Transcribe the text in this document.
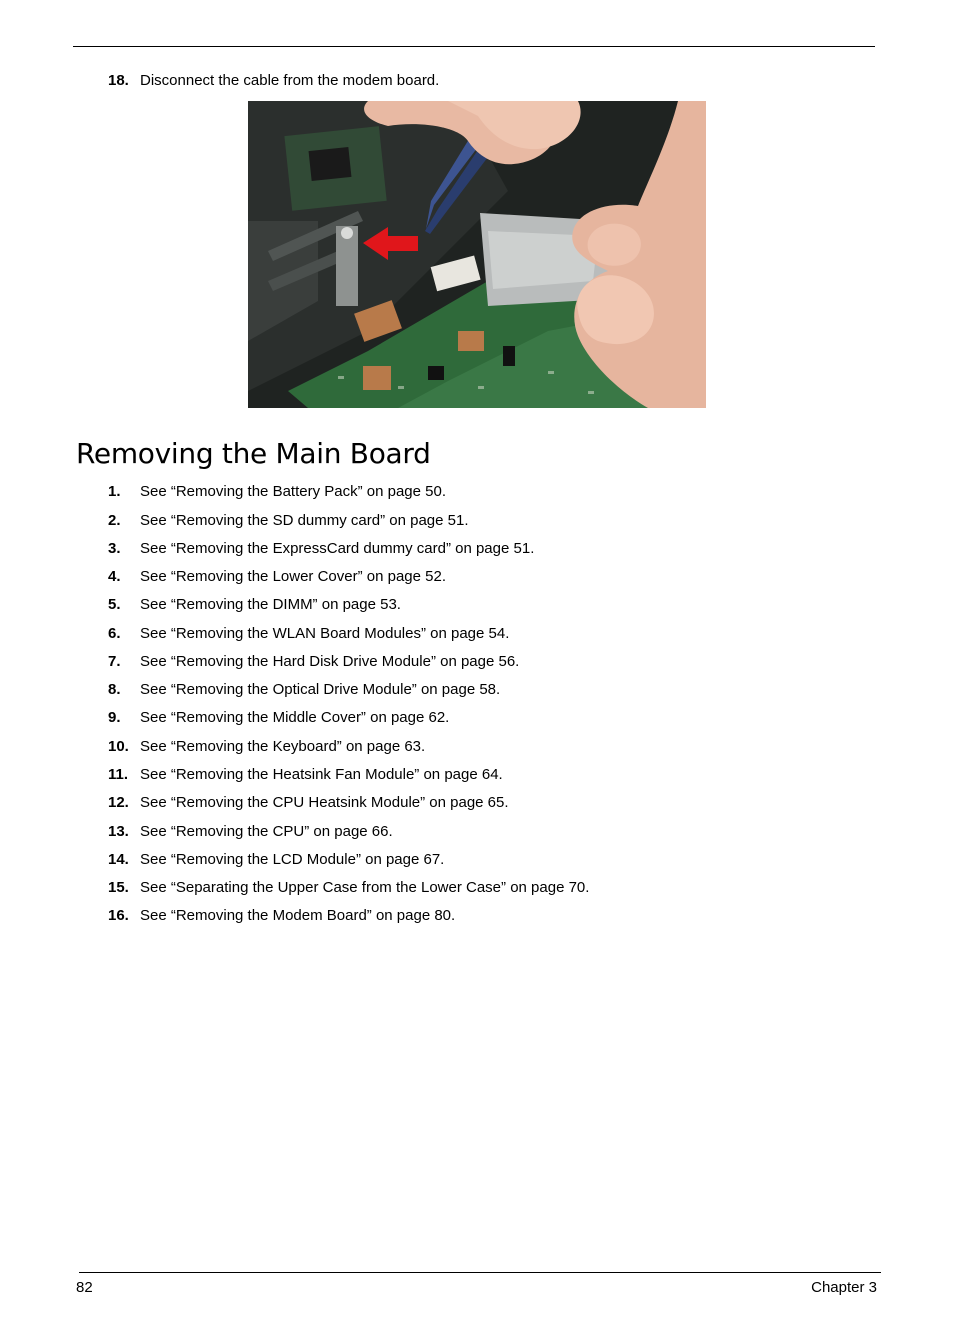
18. Disconnect the cable from the modem board.
Removing the Main Board
1. See “Removing the Battery Pack” on page 50.
2. See “Removing the SD dummy card” on page 51.
3. See “Removing the ExpressCard dummy card” on page 51.
4. See “Removing the Lower Cover” on page 52.
5. See “Removing the DIMM” on page 53.
6. See “Removing the WLAN Board Modules” on page 54.
7. See “Removing the Hard Disk Drive Module” on page 56.
8. See “Removing the Optical Drive Module” on page 58.
9. See “Removing the Middle Cover” on page 62.
10. See “Removing the Keyboard” on page 63.
11. See “Removing the Heatsink Fan Module” on page 64.
12. See “Removing the CPU Heatsink Module” on page 65.
13. See “Removing the CPU” on page 66.
14. See “Removing the LCD Module” on page 67.
15. See “Separating the Upper Case from the Lower Case” on page 70.
16. See “Removing the Modem Board” on page 80.
82	Chapter 3
